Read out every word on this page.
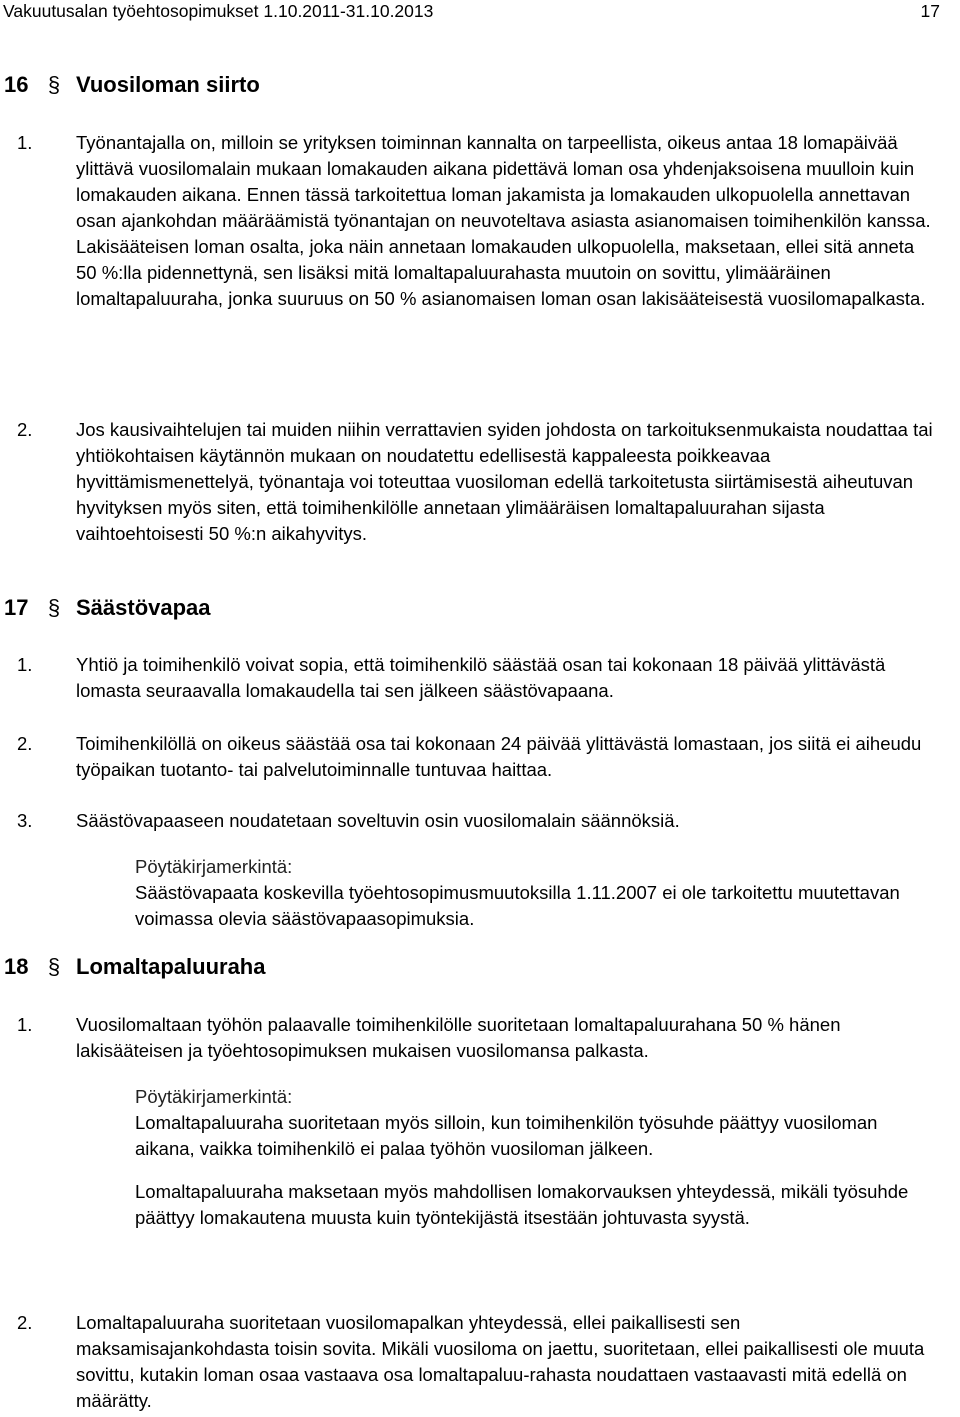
Vakuutusalan työehtosopimukset 1.10.2011-31.10.2013	17
16 § Vuosiloman siirto
1. Työnantajalla on, milloin se yrityksen toiminnan kannalta on tarpeellista, oikeus antaa 18 lomapäivää ylittävä vuosilomalain mukaan lomakauden aikana pidettävä loman osa yhdenjaksoisena muulloin kuin lomakauden aikana. Ennen tässä tarkoitettua loman jakamista ja lomakauden ulkopuolella annettavan osan ajankohdan määräämistä työnantajan on neuvoteltava asiasta asianomaisen toimihenkilön kanssa. Lakisääteisen loman osalta, joka näin annetaan lomakauden ulkopuolella, maksetaan, ellei sitä anneta 50 %:lla pidennettynä, sen lisäksi mitä lomaltapaluurahasta muutoin on sovittu, ylimääräinen lomaltapaluuraha, jonka suuruus on 50 % asianomaisen loman osan lakisääteisestä vuosilomapalkasta.
2. Jos kausivaihtelujen tai muiden niihin verrattavien syiden johdosta on tarkoituksenmukaista noudattaa tai yhtiökohtaisen käytännön mukaan on noudatettu edellisestä kappaleesta poikkeavaa hyvittämismenettelyä, työnantaja voi toteuttaa vuosiloman edellä tarkoitetusta siirtämisestä aiheutuvan hyvityksen myös siten, että toimihenkilölle annetaan ylimääräisen lomaltapaluurahan sijasta vaihtoehtoisesti 50 %:n aikahyvitys.
17 § Säästövapaa
1. Yhtiö ja toimihenkilö voivat sopia, että toimihenkilö säästää osan tai kokonaan 18 päivää ylittävästä lomasta seuraavalla lomakaudella tai sen jälkeen säästövapaana.
2. Toimihenkilöllä on oikeus säästää osa tai kokonaan 24 päivää ylittävästä lomastaan, jos siitä ei aiheudu työpaikan tuotanto- tai palvelutoiminnalle tuntuvaa haittaa.
3. Säästövapaaseen noudatetaan soveltuvin osin vuosilomalain säännöksiä.
Pöytäkirjamerkintä:
Säästövapaata koskevilla työehtosopimusmuutoksilla 1.11.2007 ei ole tarkoitettu muutettavan voimassa olevia säästövapaasopimuksia.
18 § Lomaltapaluuraha
1. Vuosilomaltaan työhön palaavalle toimihenkilölle suoritetaan lomaltapaluurahana 50 % hänen lakisääteisen ja työehtosopimuksen mukaisen vuosilomansa palkasta.
Pöytäkirjamerkintä:
Lomaltapaluuraha suoritetaan myös silloin, kun toimihenkilön työsuhde päättyy vuosiloman aikana, vaikka toimihenkilö ei palaa työhön vuosiloman jälkeen.
Lomaltapaluuraha maksetaan myös mahdollisen lomakorvauksen yhteydessä, mikäli työsuhde päättyy lomakautena muusta kuin työntekijästä itsestään johtuvasta syystä.
2. Lomaltapaluuraha suoritetaan vuosilomapalkan yhteydessä, ellei paikallisesti sen maksamisajankohdasta toisin sovita. Mikäli vuosiloma on jaettu, suoritetaan, ellei paikallisesti ole muuta sovittu, kutakin loman osaa vastaava osa lomaltapaluu-rahasta noudattaen vastaavasti mitä edellä on määrätty.
